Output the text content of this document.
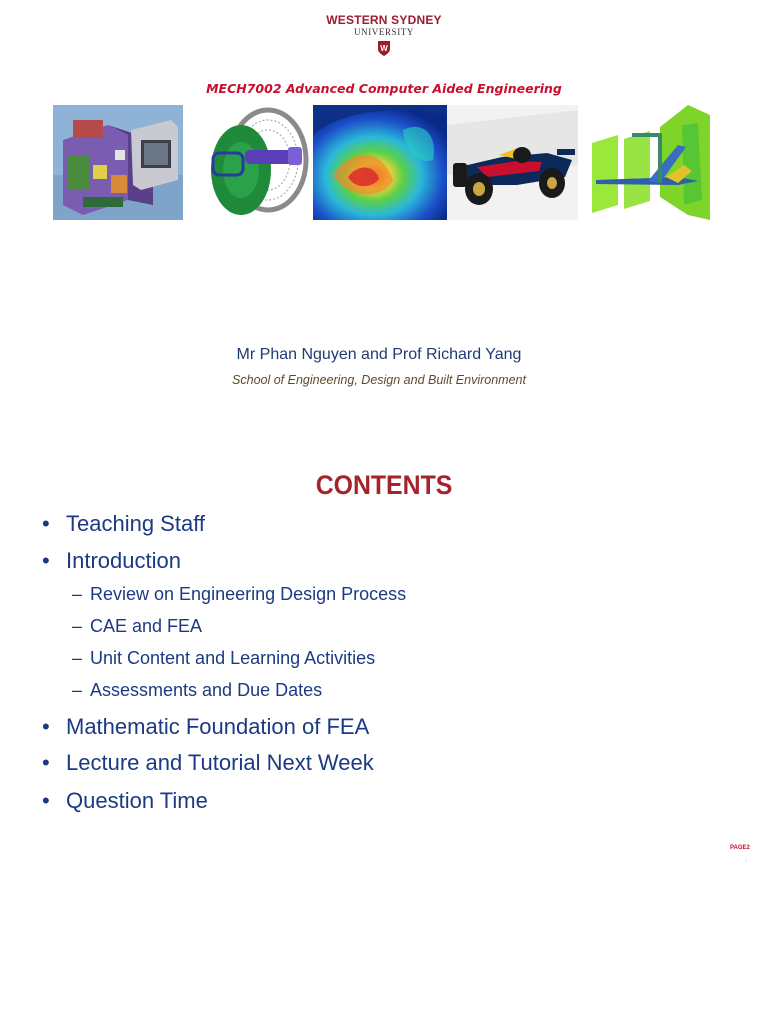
WESTERN SYDNEY
UNIVERSITY
W
MECH7002 Advanced Computer Aided Engineering
Mr Phan Nguyen and Prof Richard Yang
School of Engineering, Design and Built Environment
CONTENTS
• Teaching Staff
• Introduction
– Review on Engineering Design Process
– CAE and FEA
– Unit Content and Learning Activities
– Assessments and Due Dates
• Mathematic Foundation of FEA
• Lecture and Tutorial Next Week
• Question Time
PAGE2
‹
